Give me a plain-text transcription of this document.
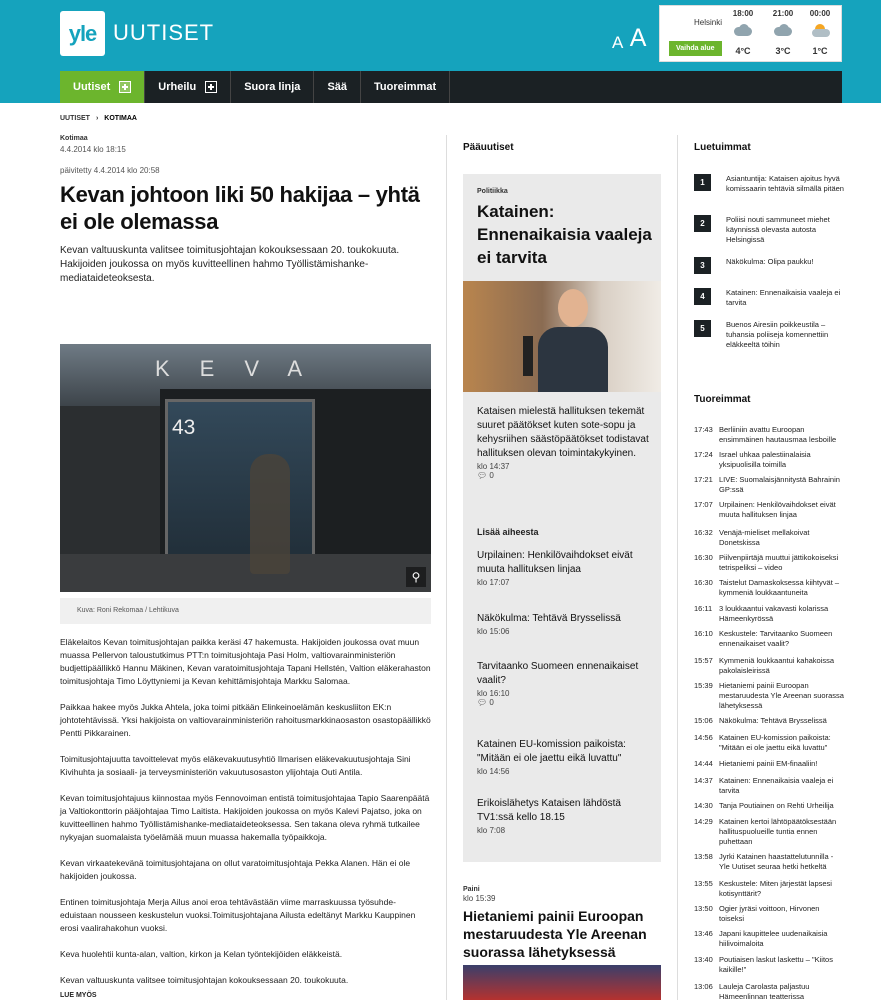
yle UUTISET	A A
Helsinki
Vaihda alue
18:00
4°C
21:00
3°C
00:00
1°C
Uutiset	Urheilu	Suora linja Sää Tuoreimmat
UUTISET › KOTIMAA
Kotimaa
4.4.2014 klo 18:15
päivitetty 4.4.2014 klo 20:58
Kevan johtoon liki 50 hakijaa – yhtä ei ole olemassa

Kevan valtuuskunta valitsee toimitusjohtajan kokouksessaan 20. toukokuuta. Hakijoiden joukossa on myös kuvitteellinen hahmo Työllistämishanke-mediataideteoksesta.

KEVA
43
⚲
Kuva: Roni Rekomaa / Lehtikuva

Eläkelaitos Kevan toimitusjohtajan paikka keräsi 47 hakemusta. Hakijoiden joukossa ovat muun muassa Pellervon taloustutkimus PTT:n toimitusjohtaja Pasi Holm, valtiovarainministeriön budjettipäällikkö Hannu Mäkinen, Kevan varatoimitusjohtaja Tapani Hellstén, Valtion eläkerahaston toimitusjohtaja Timo Löyttyniemi ja Kevan kehittämisjohtaja Markku Salomaa.

Paikkaa hakee myös Jukka Ahtela, joka toimi pitkään Elinkeinoelämän keskusliiton EK:n johtotehtävissä. Yksi hakijoista on valtiovarainministeriön rahoitusmarkkinaosaston osastopäällikkö Pentti Pikkarainen.

Toimitusjohtajuutta tavoittelevat myös eläkevakuutusyhtiö Ilmarisen eläkevakuutusjohtaja Sini Kivihuhta ja sosiaali- ja terveysministeriön vakuutusosaston ylijohtaja Outi Antila.

Kevan toimitusjohtajuus kiinnostaa myös Fennovoiman entistä toimitusjohtajaa Tapio Saarenpäätä ja Valtiokonttorin pääjohtajaa Timo Laitista. Hakijoiden joukossa on myös Kalevi Pajatso, joka on kuvitteellinen hahmo Työllistämishanke-mediataideteoksessa. Sen takana oleva ryhmä tutkailee nykyajan suomalaista työelämää muun muassa hakemalla työpaikkoja.

Kevan virkaatekevänä toimitusjohtajana on ollut varatoimitusjohtaja Pekka Alanen. Hän ei ole hakijoiden joukossa.

Entinen toimitusjohtaja Merja Ailus anoi eroa tehtävästään viime marraskuussa työsuhde-eduistaan nousseen keskustelun vuoksi.Toimitusjohtajana Ailusta edeltänyt Markku Kauppinen erosi vaalirahakohun vuoksi.

Keva huolehtii kunta-alan, valtion, kirkon ja Kelan työntekijöiden eläkkeistä.

Kevan valtuuskunta valitsee toimitusjohtajan kokouksessaan 20. toukokuuta.

LUE MYÖS
Pääuutiset
Politiikka
Katainen: Ennenaikaisia vaaleja ei tarvita
Kataisen mielestä hallituksen tekemät suuret päätökset kuten sote-sopu ja kehysriihen säästöpäätökset todistavat hallituksen olevan toimintakykyinen.
klo 14:37
💬︎ 0
Lisää aiheesta
Urpilainen: Henkilövaihdokset eivät muuta hallituksen linjaa
klo 17:07
Näkökulma: Tehtävä Brysselissä
klo 15:06
Tarvitaanko Suomeen ennenaikaiset vaalit?
klo 16:10
💬︎ 0
Katainen EU-komission paikoista: "Mitään ei ole jaettu eikä luvattu"
klo 14:56
Erikoislähetys Kataisen lähdöstä TV1:ssä kello 18.15
klo 7:08
Paini
klo 15:39
Hietaniemi painii Euroopan mestaruudesta Yle Areenan suorassa lähetyksessä
Luetuimmat
1	Asiantuntija: Kataisen ajoitus hyvä komissaarin tehtäviä silmällä pitäen
2	Poliisi nouti sammuneet miehet käynnissä olevasta autosta Helsingissä
3	Näkökulma: Olipa paukku!
4	Katainen: Ennenaikaisia vaaleja ei tarvita
5	Buenos Airesiin poikkeustila – tuhansia poliiseja komennettiin eläkkeeltä töihin
Tuoreimmat
17:43 Berliiniin avattu Euroopan ensimmäinen hautausmaa lesboille
17:24 Israel uhkaa palestiinalaisia yksipuolisilla toimilla
17:21 LIVE: Suomalaisjännitystä Bahrainin GP:ssä
17:07 Urpilainen: Henkilövaihdokset eivät muuta hallituksen linjaa
16:32 Venäjä-mieliset mellakoivat Donetskissa
16:30 Piilvenpiirtäjä muuttui jättikokoiseksi tetrispeliksi – video
16:30 Taistelut Damaskoksessa kiihtyvät – kymmeniä loukkaantuneita
16:11 3 loukkaantui vakavasti kolarissa Hämeenkyrössä
16:10 Keskustele: Tarvitaanko Suomeen ennenaikaiset vaalit?
15:57 Kymmeniä loukkaantui kahakoissa pakolaisleirissä
15:39 Hietaniemi painii Euroopan mestaruudesta Yle Areenan suorassa lähetyksessä
15:06 Näkökulma: Tehtävä Brysselissä
14:56 Katainen EU-komission paikoista: "Mitään ei ole jaettu eikä luvattu"
14:44 Hietaniemi painii EM-finaaliin!
14:37 Katainen: Ennenaikaisia vaaleja ei tarvita
14:30 Tanja Poutiainen on Rehti Urheilija
14:29 Katainen kertoi lähtöpäätöksestään hallituspuolueille tuntia ennen puhettaan
13:58 Jyrki Katainen haastattelutunnilla - Yle Uutiset seuraa hetki hetkeltä
13:55 Keskustele: Miten järjestät lapsesi kotisynttärit?
13:50 Ogier jyräsi voittoon, Hirvonen toiseksi
13:46 Japani kaupittelee uudenaikaisia hiilivoimaloita
13:40 Poutiaisen laskut laskettu – "Kiitos kaikille!"
13:06 Lauleja Carolasta paljastuu Hämeenlinnan teatterissa
